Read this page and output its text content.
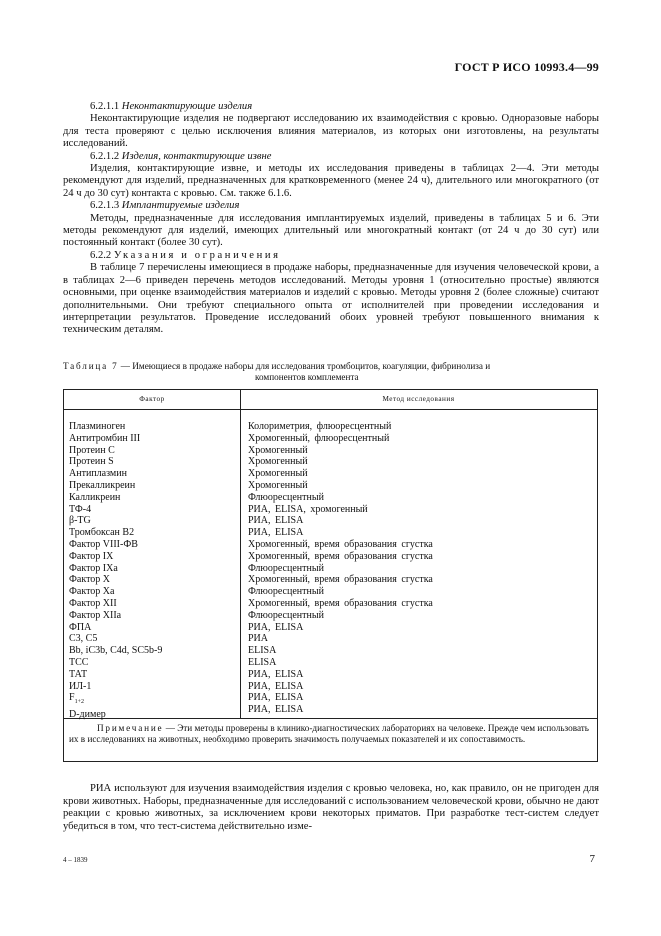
ГОСТ Р ИСО 10993.4—99

6.2.1.1 Неконтактирующие изделия

Неконтактирующие изделия не подвергают исследованию их взаимодействия с кровью. Одноразовые наборы для теста проверяют с целью исключения влияния материалов, из которых они изготовлены, на результаты исследований.

6.2.1.2 Изделия, контактирующие извне

Изделия, контактирующие извне, и методы их исследования приведены в таблицах 2—4. Эти методы рекомендуют для изделий, предназначенных для кратковременного (менее 24 ч), длительного или многократного (от 24 ч до 30 сут) контакта с кровью. См. также 6.1.6.

6.2.1.3 Имплантируемые изделия

Методы, предназначенные для исследования имплантируемых изделий, приведены в таблицах 5 и 6. Эти методы рекомендуют для изделий, имеющих длительный или многократный контакт (от 24 ч до 30 сут) или постоянный контакт (более 30 сут).

6.2.2 Указания и ограничения

В таблице 7 перечислены имеющиеся в продаже наборы, предназначенные для изучения человеческой крови, а в таблицах 2—6 приведен перечень методов исследований. Методы уровня 1 (относительно простые) являются основными, при оценке взаимодействия материалов и изделий с кровью. Методы уровня 2 (более сложные) считают дополнительными. Они требуют специального опыта от исполнителей при проведении исследования и интерпретации результатов. Проведение исследований обоих уровней требуют повышенного внимания к техническим деталям.

Таблица 7 — Имеющиеся в продаже наборы для исследования тромбоцитов, коагуляции, фибринолиза и
компонентов комплемента
Фактор	Метод исследования
Плазминоген
Антитромбин III
Протеин C
Протеин S
Антиплазмин
Прекалликреин
Калликреин
ТФ-4
β-TG
Тромбоксан В2
Фактор VIII-ФВ
Фактор IX
Фактор IXa
Фактор X
Фактор Xa
Фактор XII
Фактор XIIa
ФПА
C3, C5
Bb, iC3b, C4d, SC5b-9
TCC
ТАТ
ИЛ-1
$F_{1+2}$
D-димер
Колориметрия, флюоресцентный
Хромогенный, флюоресцентный
Хромогенный
Хромогенный
Хромогенный
Хромогенный
Флюоресцентный
РИА, ELISA, хромогенный
РИА, ELISA
РИА, ELISA
Хромогенный, время образования сгустка
Хромогенный, время образования сгустка
Флюоресцентный
Хромогенный, время образования сгустка
Флюоресцентный
Хромогенный, время образования сгустка
Флюоресцентный
РИА, ELISA
РИА
ELISA
ELISA
РИА, ELISA
РИА, ELISA
РИА, ELISA
РИА, ELISA
Примечание — Эти методы проверены в клинико-диагностических лабораториях на человеке. Прежде чем использовать их в исследованиях на животных, необходимо проверить значимость получаемых показателей и их сопоставимость.

РИА используют для изучения взаимодействия изделия с кровью человека, но, как правило, он не пригоден для крови животных. Наборы, предназначенные для исследований с использованием человеческой крови, обычно не дают реакции с кровью животных, за исключением крови некоторых приматов. При разработке тест-систем следует убедиться в том, что тест-система действительно изме-

4 – 1839	7
